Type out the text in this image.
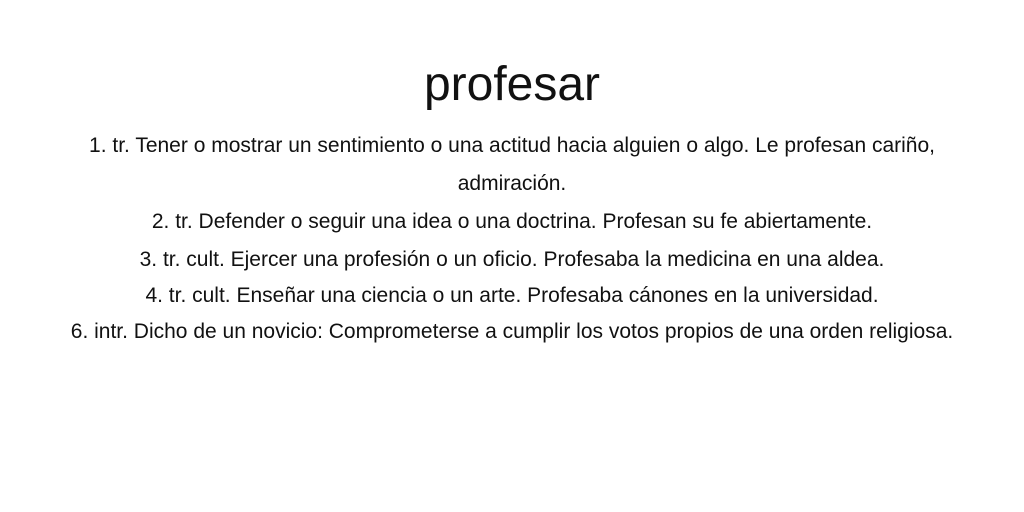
profesar

1. tr. Tener o mostrar un sentimiento o una actitud hacia alguien o algo. Le profesan cariño, admiración.

2. tr. Defender o seguir una idea o una doctrina. Profesan su fe abiertamente.

3. tr. cult. Ejercer una profesión o un oficio. Profesaba la medicina en una aldea.

4. tr. cult. Enseñar una ciencia o un arte. Profesaba cánones en la universidad.

6. intr. Dicho de un novicio: Comprometerse a cumplir los votos propios de una orden religiosa.
